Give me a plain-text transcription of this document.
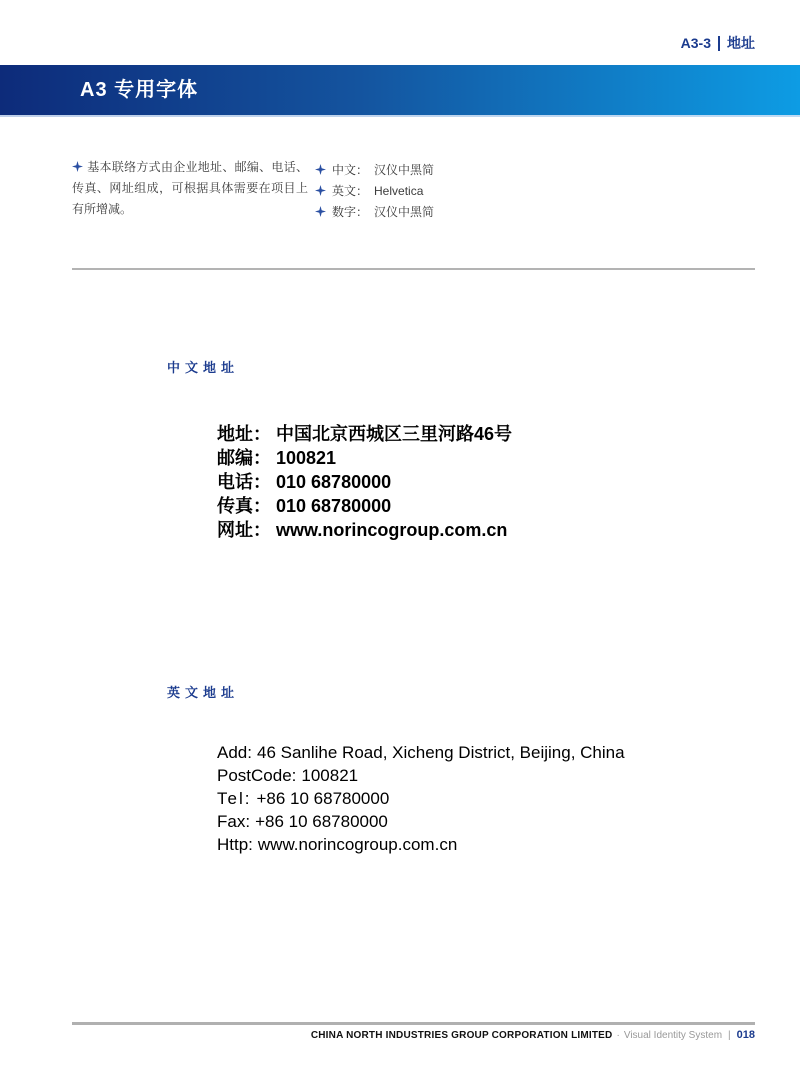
A3-3 地址
A3 专用字体
基本联络方式由企业地址、邮编、电话、传真、网址组成，可根据具体需要在项目上有所增减。
中文： 汉仪中黑简
英文： Helvetica
数字： 汉仪中黑简
中文地址
地址： 中国北京西城区三里河路46号
邮编： 100821
电话： 010 68780000
传真： 010 68780000
网址： www.norincogroup.com.cn
英文地址
Add: 46 Sanlihe Road, Xicheng District, Beijing, China
PostCode: 100821
Tel: +86 10 68780000
Fax: +86 10 68780000
Http: www.norincogroup.com.cn
CHINA NORTH INDUSTRIES GROUP CORPORATION LIMITED · Visual Identity System | 018
